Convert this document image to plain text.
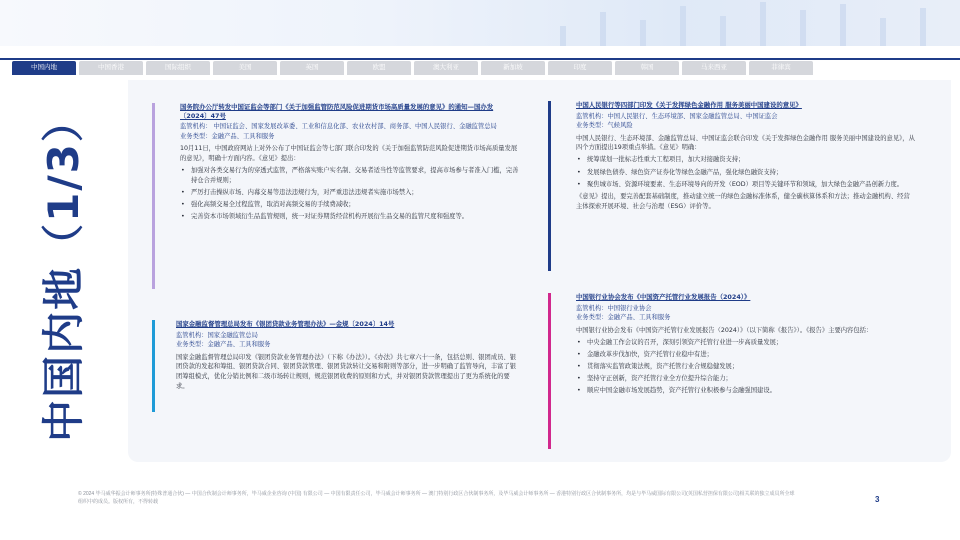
中国内地	中国香港	国际组织	美国	英国	欧盟	澳大利亚	新加坡	印度	韩国	马来西亚	菲律宾
中国内地（1/3）	国务院办公厅转发中国证监会等部门《关于加强监管防范风险促进期货市场高质量发展的意见》的通知—国办发〔2024〕47号
监管机构： 中国证监会、国家发展改革委、工业和信息化部、农业农村部、商务部、中国人民银行、金融监管总局
业务类型：金融产品、工具和服务

10月11日，中国政府网站上对外公布了中国证监会等七部门联合印发的《关于加强监管防范风险促进期货市场高质量发展的意见》，明确十方面内容。《意见》提出：

• 加强对各类交易行为的穿透式监管，严格落实账户实名制、交易者适当性等监管要求，提高市场参与者准入门槛，完善持仓合并规则；
• 严厉打击操纵市场、内幕交易等违法违规行为，对严重违法违规者实施市场禁入；
• 强化高频交易全过程监管，取消对高频交易的手续费减收；
• 完善资本市场领域衍生品监管规则，统一对证券期货经营机构开展衍生品交易的监管尺度和强度等。
国家金融监督管理总局发布《银团贷款业务管理办法》—金规〔2024〕14号
监管机构：国家金融监管总局
业务类型：金融产品、工具和服务

国家金融监督管理总局印发《银团贷款业务管理办法》（下称《办法》）。《办法》共七章六十一条，包括总则、银团成员、银团贷款的发起和筹组、银团贷款合同、银团贷款管理、银团贷款转让交易和附则等部分，进一步明确了监管导向，丰富了银团筹组模式，优化分销比例和二级市场转让规则，规范银团收费的原则和方式，并对银团贷款管理提出了更为系统化的要求。

中国人民银行等四部门印发《关于发挥绿色金融作用 服务美丽中国建设的意见》
监管机构：中国人民银行、生态环境部、国家金融监管总局、中国证监会
业务类型：气候风险

中国人民银行、生态环境部、金融监管总局、中国证监会联合印发《关于发挥绿色金融作用 服务美丽中国建设的意见》，从四个方面提出19项重点举措。《意见》明确：

• 统筹谋划一批标志性重大工程项目，加大对接融资支持；
• 发展绿色债券、绿色资产证券化等绿色金融产品，强化绿色融资支持；
• 聚焦城市场、资源环境要素、生态环境导向的开发（EOD）项目等关键环节和领域，加大绿色金融产品创新力度。

《意见》提出，要完善配套基础制度，推动建立统一的绿色金融标准体系，健全碳核算体系和方法；推动金融机构、经营主体探索开展环境、社会与治理（ESG）评价等。

中国银行业协会发布《中国资产托管行业发展报告（2024）》
监管机构：中国银行业协会
业务类型：金融产品、工具和服务

中国银行业协会发布《中国资产托管行业发展报告（2024）》（以下简称《报告》）。《报告》主要内容包括：

• 中央金融工作会议的召开，深刻引领资产托管行业进一步高质量发展；
• 金融改革步伐加快，资产托管行业稳中有进；
• 贯彻落实监管政策法规，资产托管行业合规稳健发展；
• 坚持守正创新，资产托管行业全方位提升综合能力；
• 顺应中国金融市场发展趋势，资产托管行业积极参与金融强国建设。
© 2024 毕马威华振会计师事务所(特殊普通合伙) — 中国合伙制会计师事务所，毕马威企业咨询 (中国) 有限公司 — 中国有限责任公司，毕马威会计师事务所 — 澳门特别行政区合伙制事务所，及毕马威会计师事务所 — 香港特别行政区合伙制事务所，均是与毕马威国际有限公司(英国私营担保有限公司)相关联的独立成员所全球组织中的成员。版权所有，不得转载	3
